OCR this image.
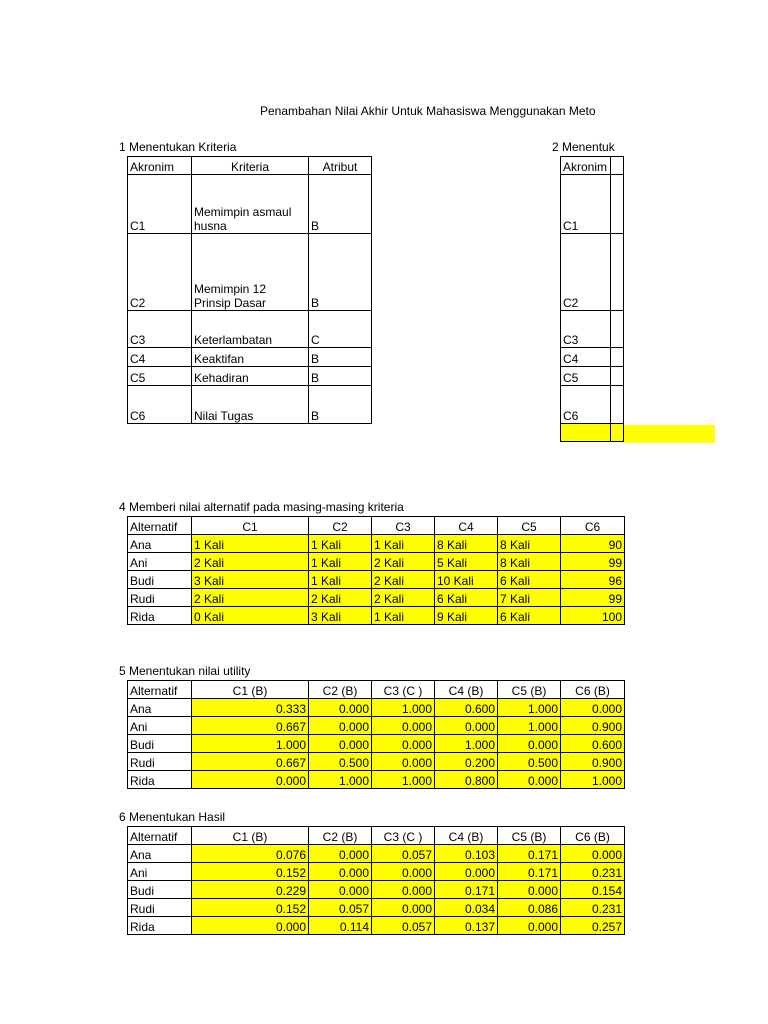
Penambahan Nilai Akhir Untuk Mahasiswa Menggunakan Meto
1 Menentukan Kriteria
Akronim	Kriteria	Atribut
C1	Memimpin asmaul husna	B
C2	Memimpin 12 Prinsip Dasar	B
C3	Keterlambatan	C
C4	Keaktifan	B
C5	Kehadiran	B
C6	Nilai Tugas	B
2 Menentuk
Akronim	
C1	
C2	
C3	
C4	
C5	
C6	

4 Memberi nilai alternatif pada masing-masing kriteria
Alternatif	C1	C2	C3	C4	C5	C6
Ana	1 Kali	1 Kali	1 Kali	8 Kali	8 Kali	90
Ani	2 Kali	1 Kali	2 Kali	5 Kali	8 Kali	99
Budi	3 Kali	1 Kali	2 Kali	10 Kali	6 Kali	96
Rudi	2 Kali	2 Kali	2 Kali	6 Kali	7 Kali	99
Rida	0 Kali	3 Kali	1 Kali	9 Kali	6 Kali	100
5 Menentukan nilai utility
Alternatif	C1 (B)	C2 (B)	C3 (C )	C4 (B)	C5 (B)	C6 (B)
Ana	0.333	0.000	1.000	0.600	1.000	0.000
Ani	0.667	0.000	0.000	0.000	1.000	0.900
Budi	1.000	0.000	0.000	1.000	0.000	0.600
Rudi	0.667	0.500	0.000	0.200	0.500	0.900
Rida	0.000	1.000	1.000	0.800	0.000	1.000
6 Menentukan Hasil
Alternatif	C1 (B)	C2 (B)	C3 (C )	C4 (B)	C5 (B)	C6 (B)
Ana	0.076	0.000	0.057	0.103	0.171	0.000
Ani	0.152	0.000	0.000	0.000	0.171	0.231
Budi	0.229	0.000	0.000	0.171	0.000	0.154
Rudi	0.152	0.057	0.000	0.034	0.086	0.231
Rida	0.000	0.114	0.057	0.137	0.000	0.257
